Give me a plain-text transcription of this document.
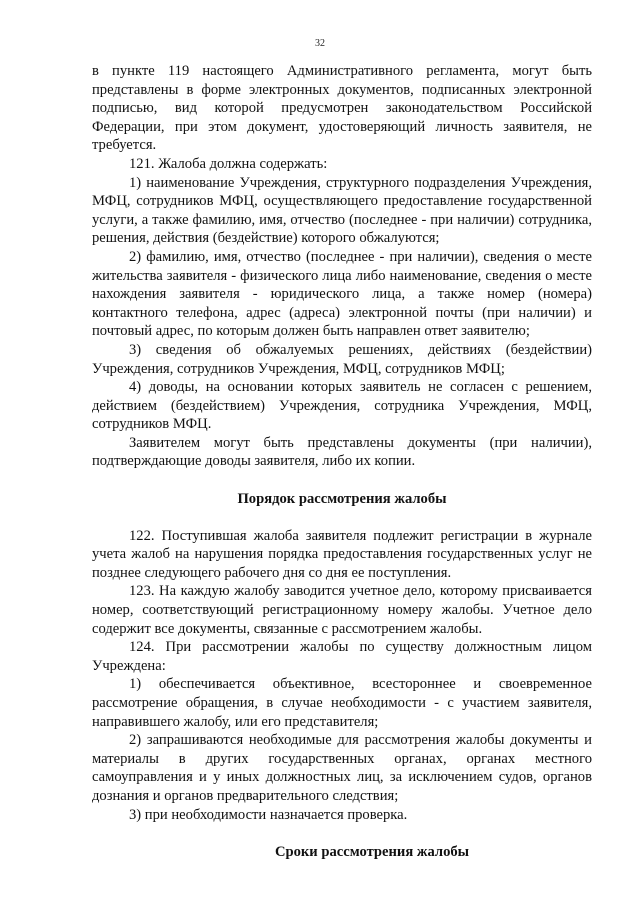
32

в пункте 119 настоящего Административного регламента, могут быть представлены в форме электронных документов, подписанных электронной подписью, вид которой предусмотрен законодательством Российской Федерации, при этом документ, удостоверяющий личность заявителя, не требуется.

121. Жалоба должна содержать:

1) наименование Учреждения, структурного подразделения Учреждения, МФЦ, сотрудников МФЦ, осуществляющего предоставление государственной услуги, а также фамилию, имя, отчество (последнее - при наличии) сотрудника, решения, действия (бездействие) которого обжалуются;

2) фамилию, имя, отчество (последнее - при наличии), сведения о месте жительства заявителя - физического лица либо наименование, сведения о месте нахождения заявителя - юридического лица, а также номер (номера) контактного телефона, адрес (адреса) электронной почты (при наличии) и почтовый адрес, по которым должен быть направлен ответ заявителю;

3) сведения об обжалуемых решениях, действиях (бездействии) Учреждения, сотрудников Учреждения, МФЦ, сотрудников МФЦ;

4) доводы, на основании которых заявитель не согласен с решением, действием (бездействием) Учреждения, сотрудника Учреждения, МФЦ, сотрудников МФЦ.

Заявителем могут быть представлены документы (при наличии), подтверждающие доводы заявителя, либо их копии.

Порядок рассмотрения жалобы

122. Поступившая жалоба заявителя подлежит регистрации в журнале учета жалоб на нарушения порядка предоставления государственных услуг не позднее следующего рабочего дня со дня ее поступления.

123. На каждую жалобу заводится учетное дело, которому присваивается номер, соответствующий регистрационному номеру жалобы. Учетное дело содержит все документы, связанные с рассмотрением жалобы.

124. При рассмотрении жалобы по существу должностным лицом Учреждена:

1) обеспечивается объективное, всестороннее и своевременное рассмотрение обращения, в случае необходимости - с участием заявителя, направившего жалобу, или его представителя;

2) запрашиваются необходимые для рассмотрения жалобы документы и материалы в других государственных органах, органах местного самоуправления и у иных должностных лиц, за исключением судов, органов дознания и органов предварительного следствия;

3) при необходимости назначается проверка.

Сроки рассмотрения жалобы
